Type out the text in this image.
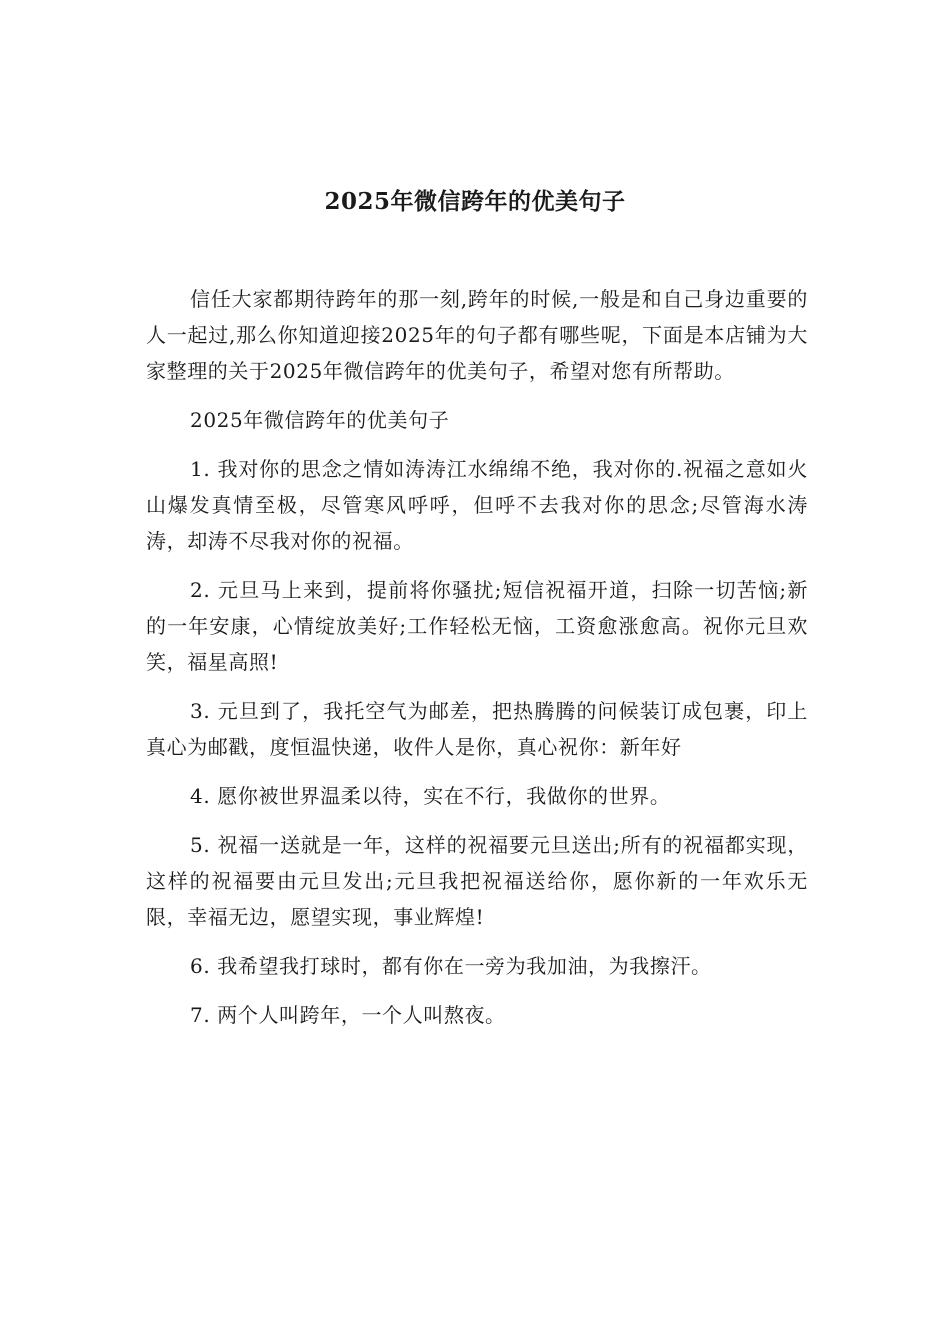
2025年微信跨年的优美句子

信任大家都期待跨年的那一刻,跨年的时候,一般是和自己身边重要的人一起过,那么你知道迎接2025年的句子都有哪些呢，下面是本店铺为大家整理的关于2025年微信跨年的优美句子，希望对您有所帮助。

2025年微信跨年的优美句子

1. 我对你的思念之情如涛涛江水绵绵不绝，我对你的.祝福之意如火山爆发真情至极，尽管寒风呼呼，但呼不去我对你的思念;尽管海水涛涛，却涛不尽我对你的祝福。

2. 元旦马上来到，提前将你骚扰;短信祝福开道，扫除一切苦恼;新的一年安康，心情绽放美好;工作轻松无恼，工资愈涨愈高。祝你元旦欢笑，福星高照!

3. 元旦到了，我托空气为邮差，把热腾腾的问候装订成包裹，印上真心为邮戳，度恒温快递，收件人是你，真心祝你：新年好

4. 愿你被世界温柔以待，实在不行，我做你的世界。

5. 祝福一送就是一年，这样的祝福要元旦送出;所有的祝福都实现，这样的祝福要由元旦发出;元旦我把祝福送给你，愿你新的一年欢乐无限，幸福无边，愿望实现，事业辉煌!

6. 我希望我打球时，都有你在一旁为我加油，为我擦汗。

7. 两个人叫跨年，一个人叫熬夜。
